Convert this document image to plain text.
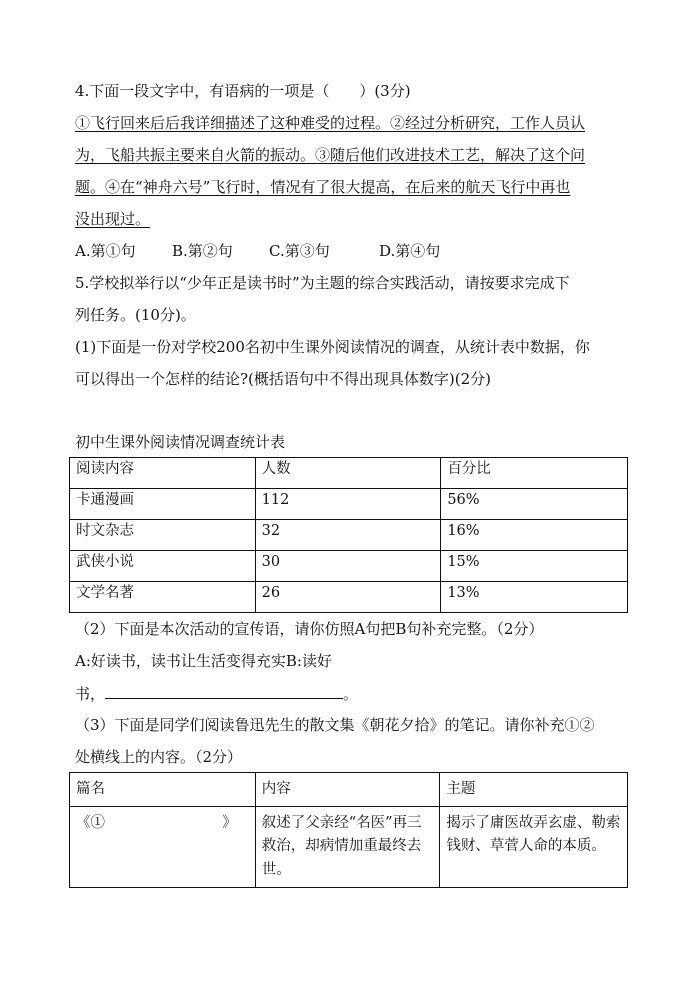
4.下面一段文字中，有语病的一项是（　　）(3分)
①飞行回来后后我详细描述了这种难受的过程。②经过分析研究，工作人员认
为，飞船共振主要来自火箭的振动。③随后他们改进技术工艺，解决了这个问
题。④在“神舟六号”飞行时，情况有了很大提高，在后来的航天飞行中再也
没出现过。
A.第①句 B.第②句 C.第③句	D.第④句
5.学校拟举行以“少年正是读书时”为主题的综合实践活动，请按要求完成下
列任务。(10分)。
(1)下面是一份对学校200名初中生课外阅读情况的调查，从统计表中数据，你
可以得出一个怎样的结论?(概括语句中不得出现具体数字)(2分)
初中生课外阅读情况调查统计表
阅读内容	人数	百分比
卡通漫画	112	56%
时文杂志	32	16%
武侠小说	30	15%
文学名著	26	13%
（2）下面是本次活动的宣传语，请你仿照A句把B句补充完整。（2分）
A:好读书，读书让生活变得充实B:读好
书，	。
（3）下面是同学们阅读鲁迅先生的散文集《朝花夕拾》的笔记。请你补充①②
处横线上的内容。（2分）
篇名	内容	主题

《① 》	叙述了父亲经“名医”再三救治，却病情加重最终去世。	揭示了庸医故弄玄虚、勒索钱财、草菅人命的本质。
